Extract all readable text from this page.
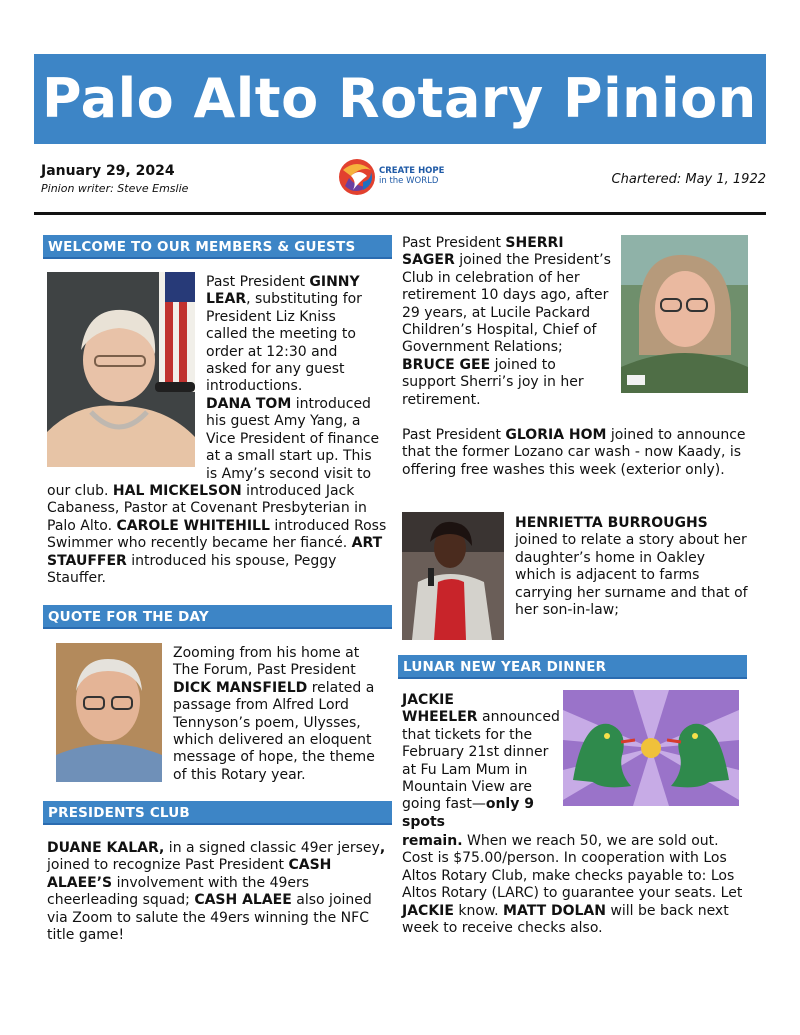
Palo Alto Rotary Pinion
January 29, 2024
Pinion writer: Steve Emslie
Chartered: May 1, 1922
CREATE HOPE
in the WORLD
WELCOME TO OUR MEMBERS & GUESTS

Past President GINNY LEAR, substituting for President Liz Kniss called the meeting to order at 12:30 and asked for any guest introductions.

DANA TOM introduced his guest Amy Yang, a Vice President of finance at a small start up. This is Amy’s second visit to

our club. HAL MICKELSON introduced Jack Cabaness, Pastor at Covenant Presbyterian in Palo Alto. CAROLE WHITEHILL introduced Ross Swimmer who recently became her fiancé. ART STAUFFER introduced his spouse, Peggy Stauffer.

QUOTE FOR THE DAY

Zooming from his home at The Forum, Past President DICK MANSFIELD related a passage from Alfred Lord Tennyson’s poem, Ulysses, which delivered an eloquent message of hope, the theme of this Rotary year.

PRESIDENTS CLUB

DUANE KALAR, in a signed classic 49er jersey, joined to recognize Past President CASH ALAEE’S involvement with the 49ers cheerleading squad; CASH ALAEE also joined via Zoom to salute the 49ers winning the NFC title game!

Past President SHERRI SAGER joined the President’s Club in celebration of her retirement 10 days ago, after 29 years, at Lucile Packard Children’s Hospital, Chief of Government Relations; BRUCE GEE joined to support Sherri’s joy in her retirement.

Past President GLORIA HOM joined to announce that the former Lozano car wash - now Kaady, is offering free washes this week (exterior only).

HENRIETTA BURROUGHS
joined to relate a story about her daughter’s home in Oakley which is adjacent to farms carrying her surname and that of her son-in-law;

LUNAR NEW YEAR DINNER

JACKIE WHEELER announced that tickets for the February 21st dinner at Fu Lam Mum in Mountain View are going fast—only 9 spots

remain. When we reach 50, we are sold out. Cost is $75.00/person. In cooperation with Los Altos Rotary Club, make checks payable to: Los Altos Rotary (LARC) to guarantee your seats. Let JACKIE know. MATT DOLAN will be back next week to receive checks also.
